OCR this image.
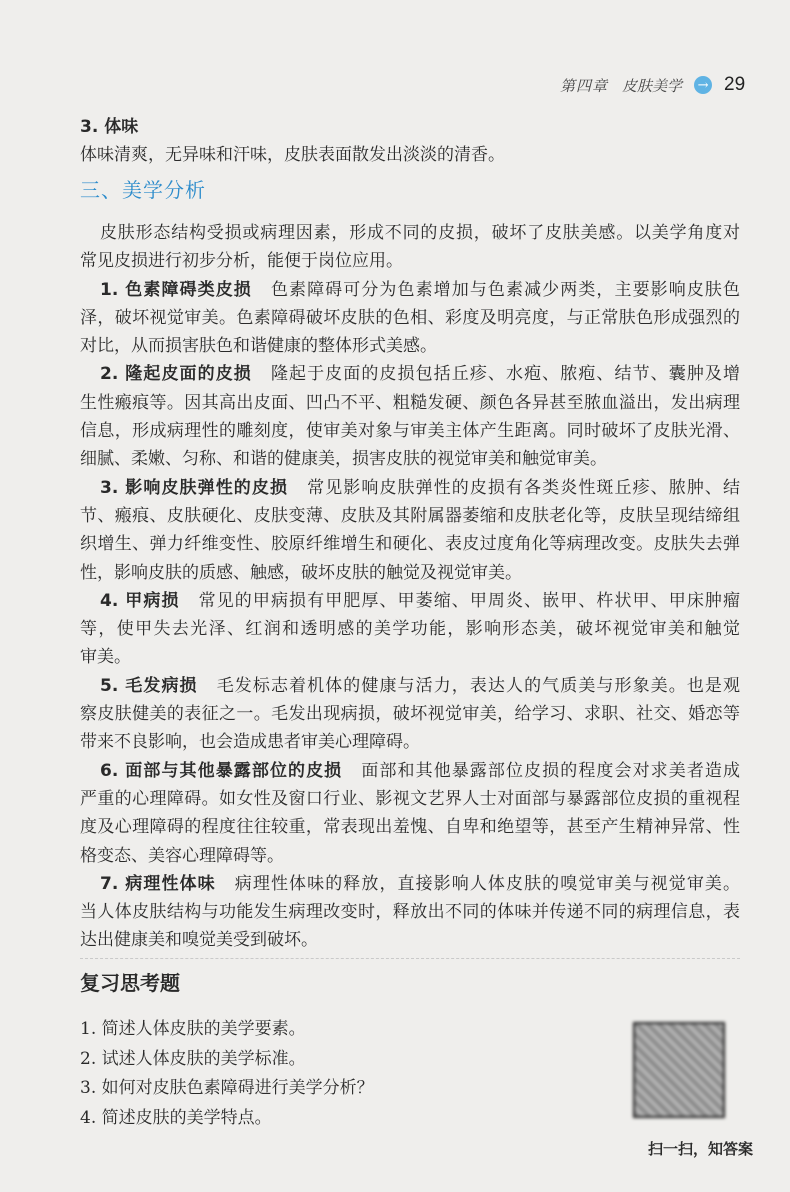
第四章 皮肤美学 → 29
3. 体味
体味清爽，无异味和汗味，皮肤表面散发出淡淡的清香。
三、美学分析
皮肤形态结构受损或病理因素，形成不同的皮损，破坏了皮肤美感。以美学角度对
常见皮损进行初步分析，能便于岗位应用。
1. 色素障碍类皮损 色素障碍可分为色素增加与色素减少两类，主要影响皮肤色
泽，破坏视觉审美。色素障碍破坏皮肤的色相、彩度及明亮度，与正常肤色形成强烈的
对比，从而损害肤色和谐健康的整体形式美感。
2. 隆起皮面的皮损 隆起于皮面的皮损包括丘疹、水疱、脓疱、结节、囊肿及增
生性瘢痕等。因其高出皮面、凹凸不平、粗糙发硬、颜色各异甚至脓血溢出，发出病理
信息，形成病理性的雕刻度，使审美对象与审美主体产生距离。同时破坏了皮肤光滑、
细腻、柔嫩、匀称、和谐的健康美，损害皮肤的视觉审美和触觉审美。
3. 影响皮肤弹性的皮损 常见影响皮肤弹性的皮损有各类炎性斑丘疹、脓肿、结
节、瘢痕、皮肤硬化、皮肤变薄、皮肤及其附属器萎缩和皮肤老化等，皮肤呈现结缔组
织增生、弹力纤维变性、胶原纤维增生和硬化、表皮过度角化等病理改变。皮肤失去弹
性，影响皮肤的质感、触感，破坏皮肤的触觉及视觉审美。
4. 甲病损 常见的甲病损有甲肥厚、甲萎缩、甲周炎、嵌甲、杵状甲、甲床肿瘤
等，使甲失去光泽、红润和透明感的美学功能，影响形态美，破坏视觉审美和触觉
审美。
5. 毛发病损 毛发标志着机体的健康与活力，表达人的气质美与形象美。也是观
察皮肤健美的表征之一。毛发出现病损，破坏视觉审美，给学习、求职、社交、婚恋等
带来不良影响，也会造成患者审美心理障碍。
6. 面部与其他暴露部位的皮损 面部和其他暴露部位皮损的程度会对求美者造成
严重的心理障碍。如女性及窗口行业、影视文艺界人士对面部与暴露部位皮损的重视程
度及心理障碍的程度往往较重，常表现出羞愧、自卑和绝望等，甚至产生精神异常、性
格变态、美容心理障碍等。
7. 病理性体味 病理性体味的释放，直接影响人体皮肤的嗅觉审美与视觉审美。
当人体皮肤结构与功能发生病理改变时，释放出不同的体味并传递不同的病理信息，表
达出健康美和嗅觉美受到破坏。
复习思考题
1. 简述人体皮肤的美学要素。
2. 试述人体皮肤的美学标准。
3. 如何对皮肤色素障碍进行美学分析？
4. 简述皮肤的美学特点。
扫一扫，知答案
